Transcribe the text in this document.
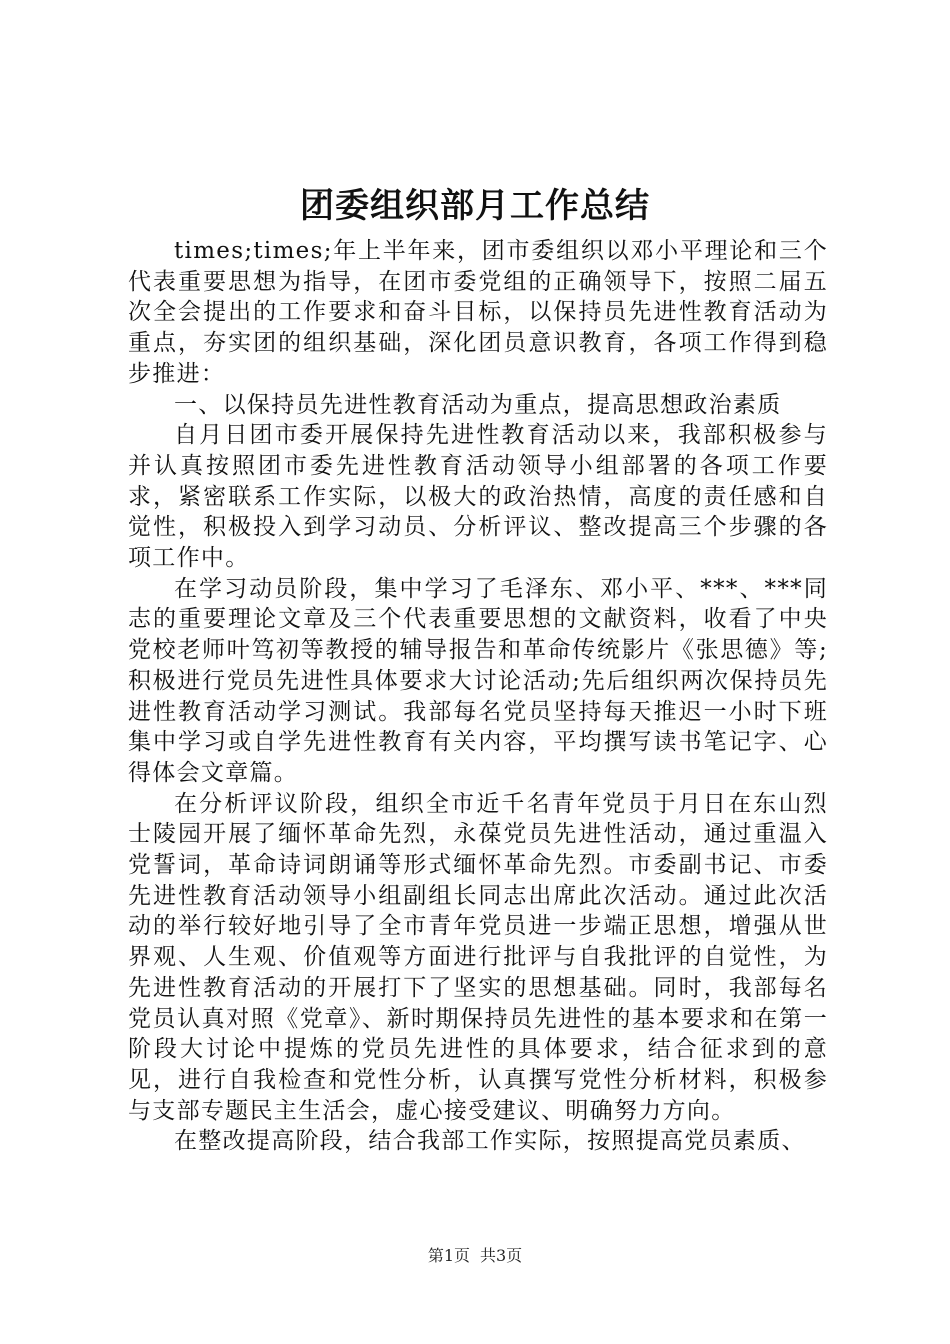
团委组织部月工作总结

times;times;年上半年来，团市委组织以邓小平理论和三个代表重要思想为指导，在团市委党组的正确领导下，按照二届五次全会提出的工作要求和奋斗目标，以保持员先进性教育活动为重点，夯实团的组织基础，深化团员意识教育，各项工作得到稳步推进：

一、以保持员先进性教育活动为重点，提高思想政治素质

自月日团市委开展保持先进性教育活动以来，我部积极参与并认真按照团市委先进性教育活动领导小组部署的各项工作要求，紧密联系工作实际，以极大的政治热情，高度的责任感和自觉性，积极投入到学习动员、分析评议、整改提高三个步骤的各项工作中。

在学习动员阶段，集中学习了毛泽东、邓小平、***、***同志的重要理论文章及三个代表重要思想的文献资料，收看了中央党校老师叶笃初等教授的辅导报告和革命传统影片《张思德》等;积极进行党员先进性具体要求大讨论活动;先后组织两次保持员先进性教育活动学习测试。我部每名党员坚持每天推迟一小时下班集中学习或自学先进性教育有关内容，平均撰写读书笔记字、心得体会文章篇。

在分析评议阶段，组织全市近千名青年党员于月日在东山烈士陵园开展了缅怀革命先烈，永葆党员先进性活动，通过重温入党誓词，革命诗词朗诵等形式缅怀革命先烈。市委副书记、市委先进性教育活动领导小组副组长同志出席此次活动。通过此次活动的举行较好地引导了全市青年党员进一步端正思想，增强从世界观、人生观、价值观等方面进行批评与自我批评的自觉性，为先进性教育活动的开展打下了坚实的思想基础。同时，我部每名党员认真对照《党章》、新时期保持员先进性的基本要求和在第一阶段大讨论中提炼的党员先进性的具体要求，结合征求到的意见，进行自我检查和党性分析，认真撰写党性分析材料，积极参与支部专题民主生活会，虚心接受建议、明确努力方向。

在整改提高阶段，结合我部工作实际，按照提高党员素质、

第1页 共3页
